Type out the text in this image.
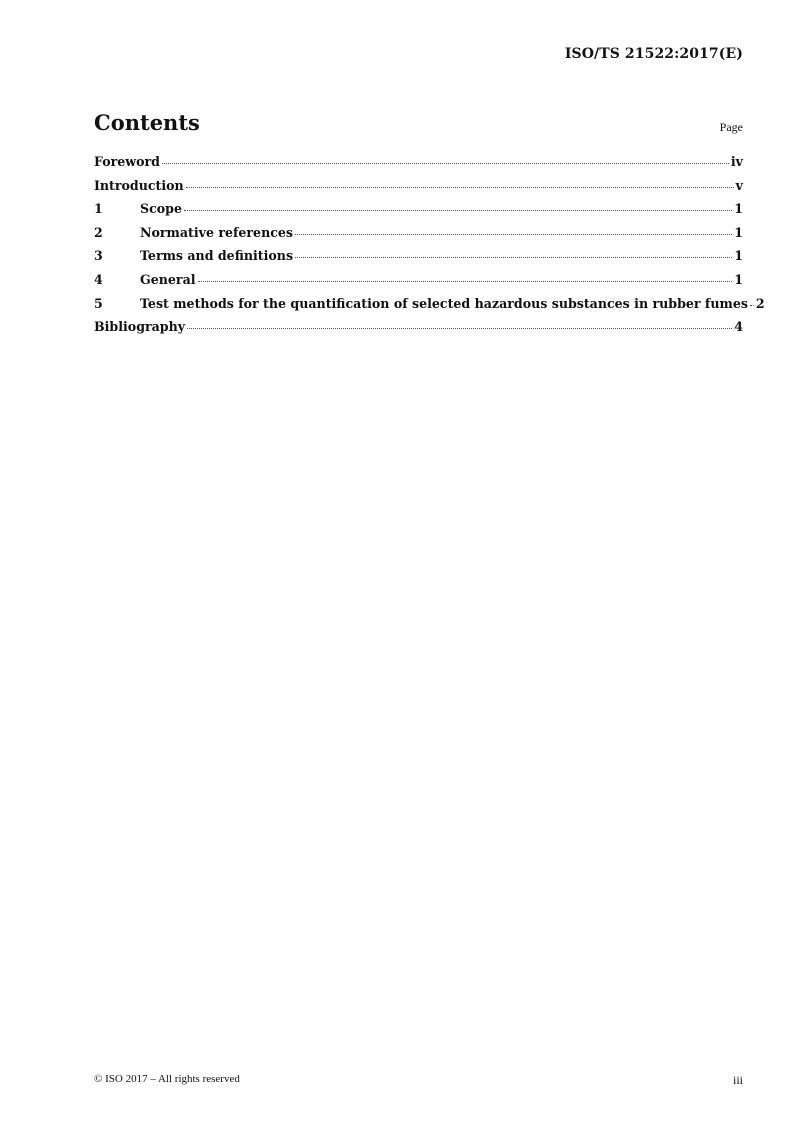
ISO/TS 21522:2017(E)
Contents	Page
Foreword	iv
Introduction	v
1	Scope	1
2	Normative references	1
3	Terms and definitions	1
4	General	1
5	Test methods for the quantification of selected hazardous substances in rubber fumes 2
Bibliography	4
© ISO 2017 – All rights reserved	iii
